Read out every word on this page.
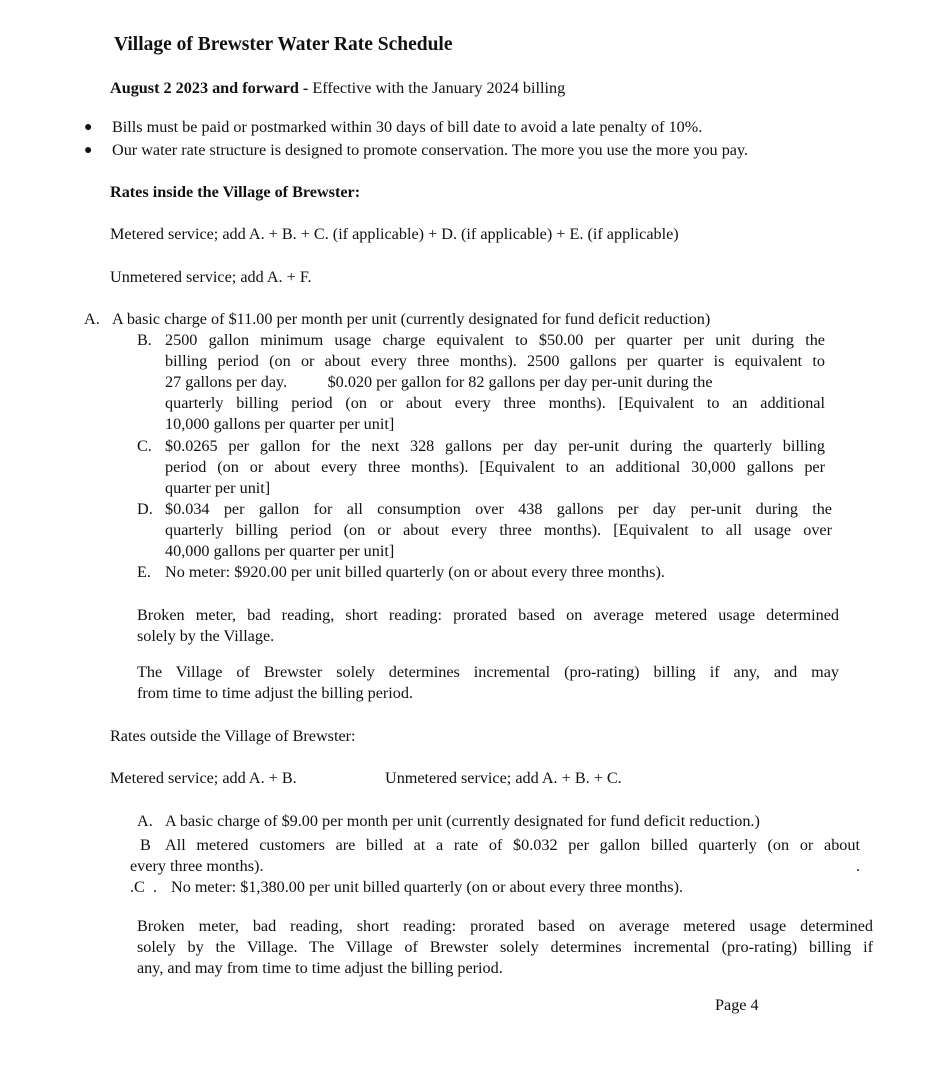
Village of Brewster Water Rate Schedule
August 2 2023 and forward - Effective with the January 2024 billing
● Bills must be paid or postmarked within 30 days of bill date to avoid a late penalty of 10%.
● Our water rate structure is designed to promote conservation. The more you use the more you pay.
Rates inside the Village of Brewster:
Metered service; add A. + B. + C. (if applicable) + D. (if applicable) + E. (if applicable)
Unmetered service; add A. + F.
A. A basic charge of $11.00 per month per unit (currently designated for fund deficit reduction)
B. 2500 gallon minimum usage charge equivalent to $50.00 per quarter per unit during the
billing period (on or about every three months). 2500 gallons per quarter is equivalent to
27 gallons per day.          $0.020 per gallon for 82 gallons per day per-unit during the
quarterly billing period (on or about every three months). [Equivalent to an additional
10,000 gallons per quarter per unit]
C. $0.0265 per gallon for the next 328 gallons per day per-unit during the quarterly billing
period (on or about every three months). [Equivalent to an additional 30,000 gallons per
quarter per unit]
D. $0.034 per gallon for all consumption over 438 gallons per day per-unit during the
quarterly billing period (on or about every three months). [Equivalent to all usage over
40,000 gallons per quarter per unit]
E. No meter: $920.00 per unit billed quarterly (on or about every three months).
Broken meter, bad reading, short reading: prorated based on average metered usage determined
solely by the Village.
The Village of Brewster solely determines incremental (pro-rating) billing if any, and may
from time to time adjust the billing period.
Rates outside the Village of Brewster:
Metered service; add A. + B.	Unmetered service; add A. + B. + C.
A. A basic charge of $9.00 per month per unit (currently designated for fund deficit reduction.)
B All metered customers are billed at a rate of $0.032 per gallon billed quarterly (on or about
every three months).	.
.C  . No meter: $1,380.00 per unit billed quarterly (on or about every three months).
Broken meter, bad reading, short reading: prorated based on average metered usage determined
solely by the Village. The Village of Brewster solely determines incremental (pro-rating) billing if
any, and may from time to time adjust the billing period.
Page 4
